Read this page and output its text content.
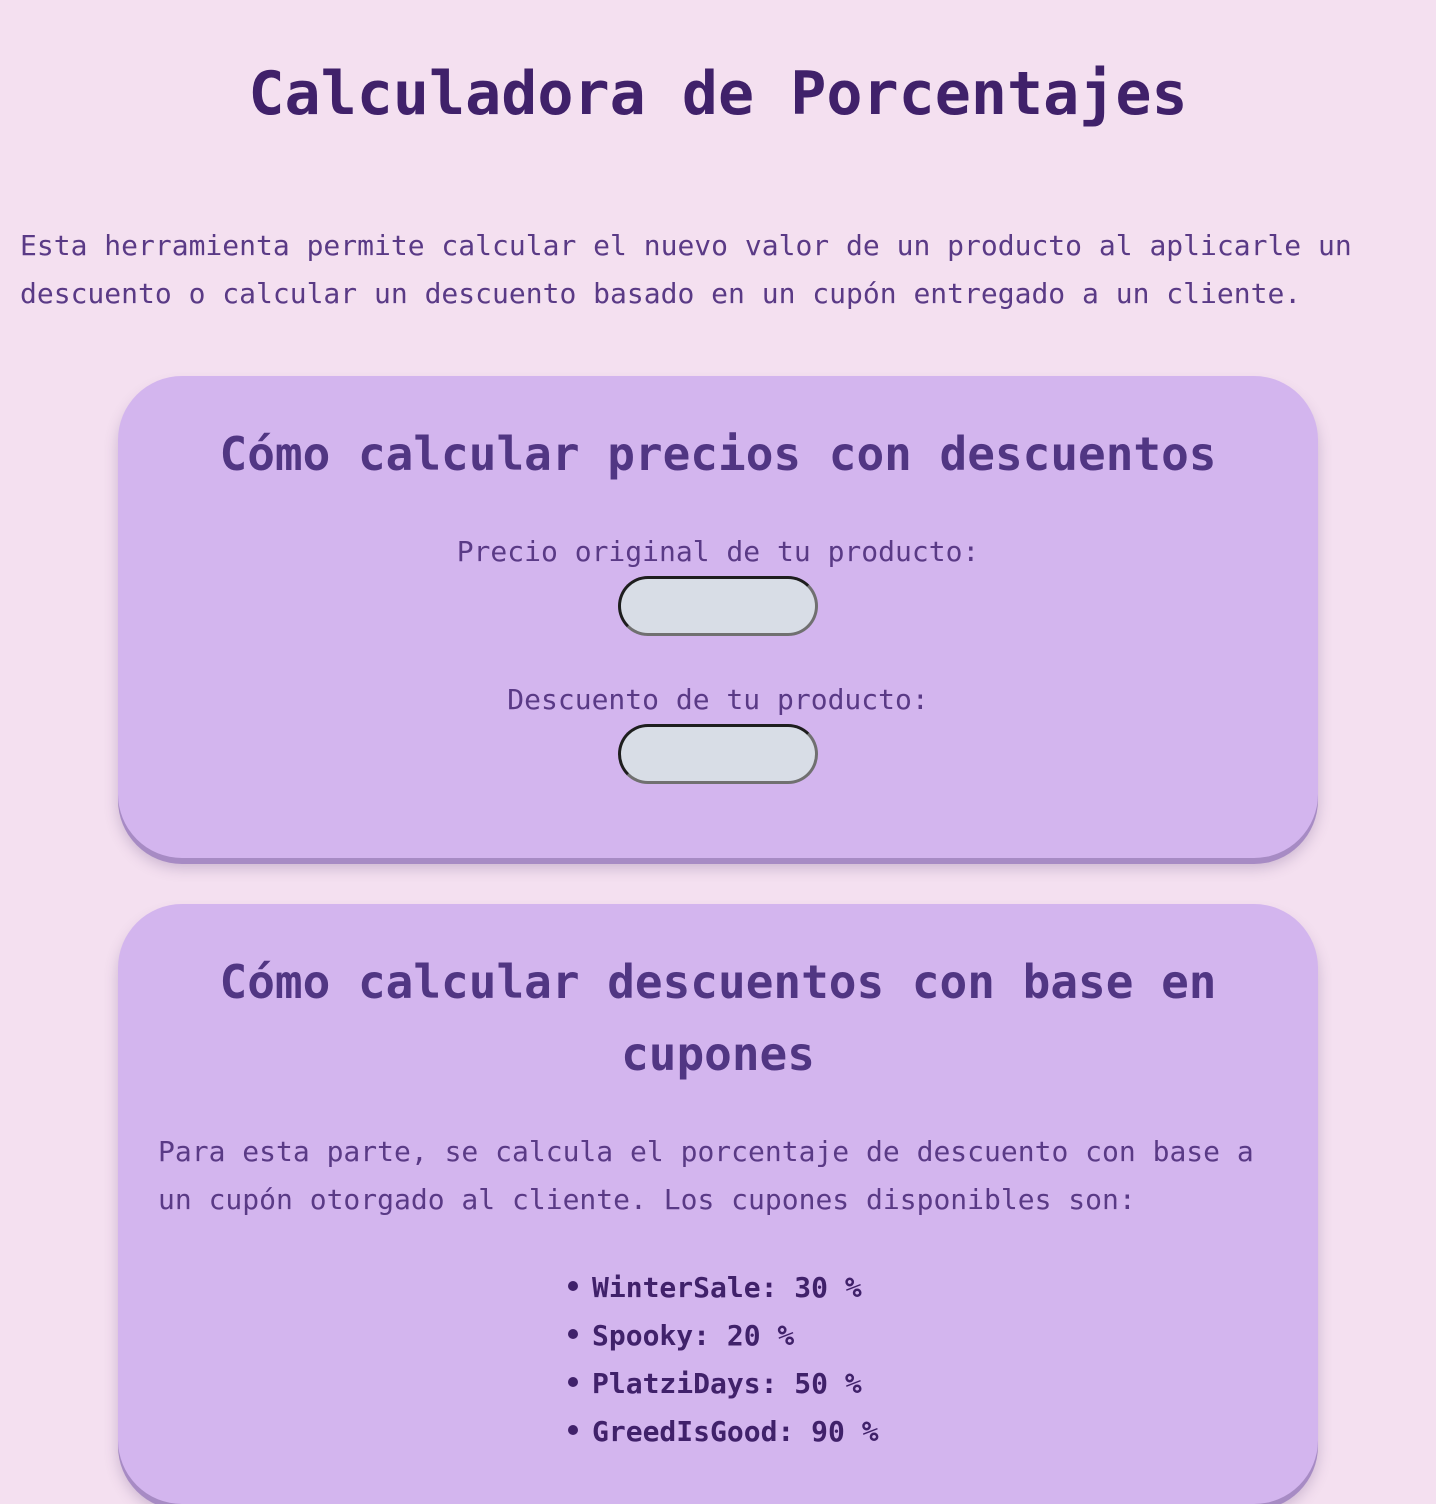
Calculadora de Porcentajes

Esta herramienta permite calcular el nuevo valor de un producto al aplicarle un descuento o calcular un descuento basado en un cupón entregado a un cliente.

Cómo calcular precios con descuentos
Precio original de tu producto:
Descuento de tu producto:
Cómo calcular descuentos con base en cupones

Para esta parte, se calcula el porcentaje de descuento con base a un cupón otorgado al cliente. Los cupones disponibles son:

WinterSale: 30 %
Spooky: 20 %
PlatziDays: 50 %
GreedIsGood: 90 %
